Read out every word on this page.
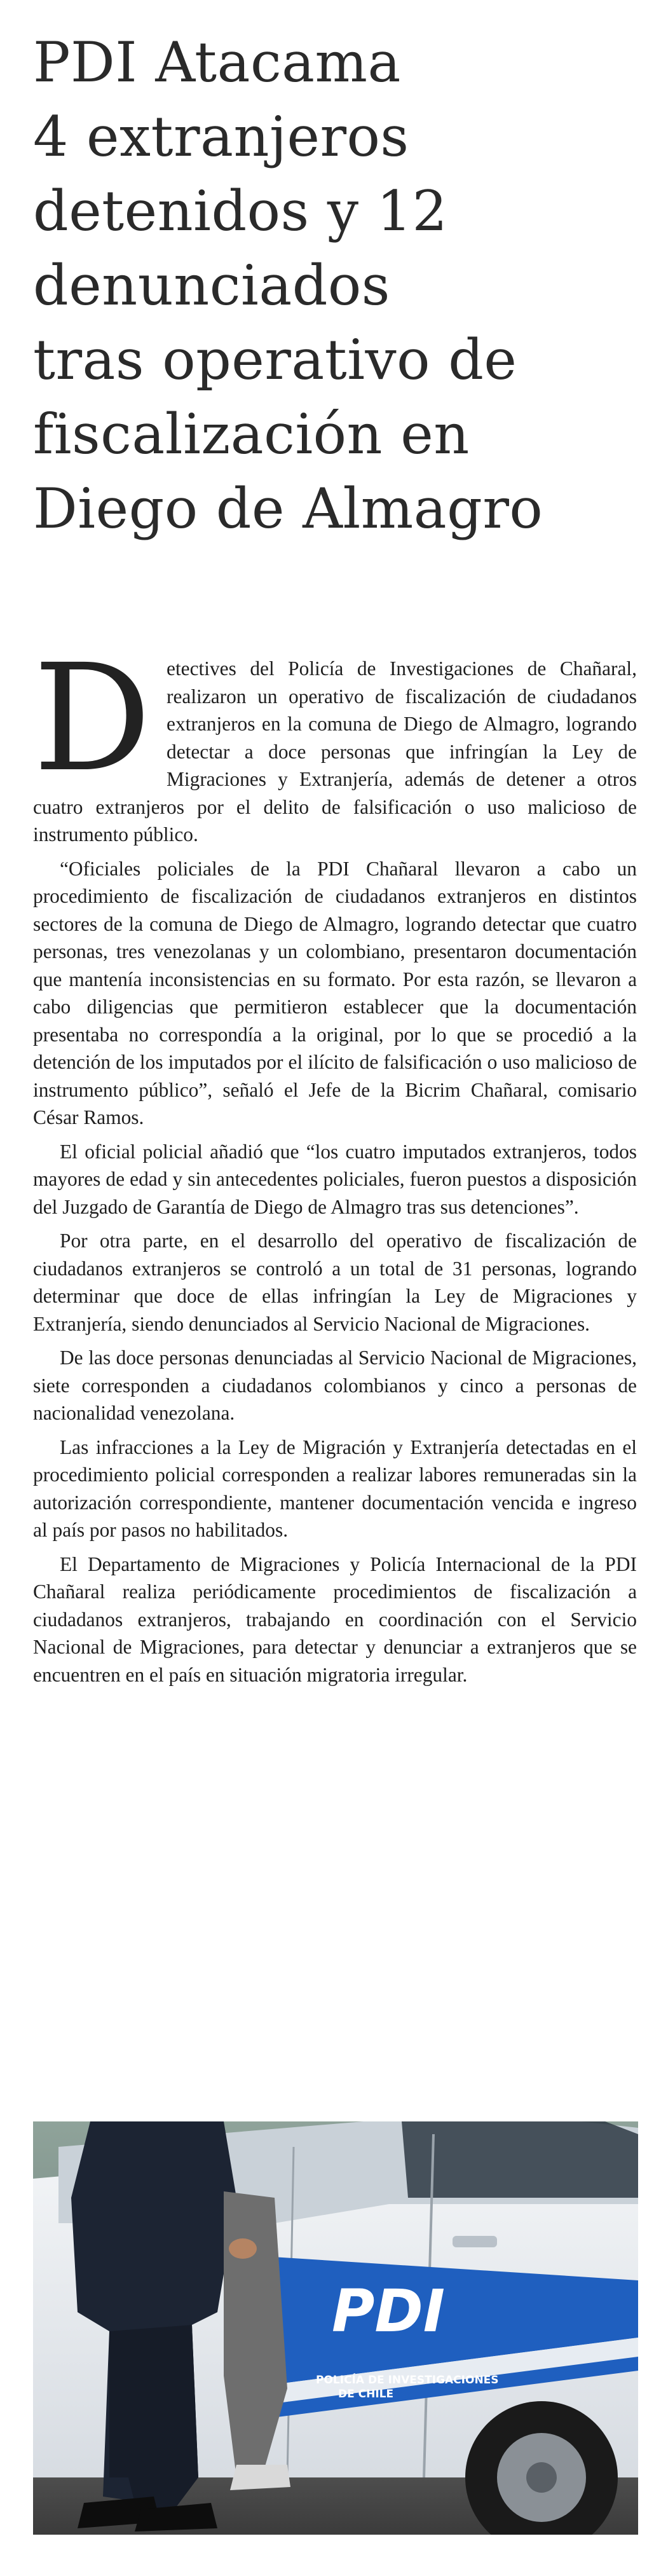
PDI Atacama
4 extranjeros
detenidos y 12
denunciados
tras operativo de
fiscalización en
Diego de Almagro
D etectives del Policía de Investigaciones de Chañaral, realizaron un operativo de fiscalización de ciudadanos extranjeros en la comuna de Diego de Almagro, logrando detectar a doce personas que infringían la Ley de Migraciones y Extranjería, además de detener a otros cuatro extranjeros por el delito de falsificación o uso malicioso de instrumento público.

“Oficiales policiales de la PDI Chañaral llevaron a cabo un procedimiento de fiscalización de ciudadanos extranjeros en distintos sectores de la comuna de Diego de Almagro, logrando detectar que cuatro personas, tres venezolanas y un colombiano, presentaron documentación que mantenía inconsistencias en su formato. Por esta razón, se llevaron a cabo diligencias que permitieron establecer que la documentación presentaba no correspondía a la original, por lo que se procedió a la detención de los imputados por el ilícito de falsificación o uso malicioso de instrumento público”, señaló el Jefe de la Bicrim Chañaral, comisario César Ramos.

El oficial policial añadió que “los cuatro imputados extranjeros, todos mayores de edad y sin antecedentes policiales, fueron puestos a disposición del Juzgado de Garantía de Diego de Almagro tras sus detenciones”.

Por otra parte, en el desarrollo del operativo de fiscalización de ciudadanos extranjeros se controló a un total de 31 personas, logrando determinar que doce de ellas infringían la Ley de Migraciones y Extranjería, siendo denunciados al Servicio Nacional de Migraciones.

De las doce personas denunciadas al Servicio Nacional de Migraciones, siete corresponden a ciudadanos colombianos y cinco a personas de nacionalidad venezolana.

Las infracciones a la Ley de Migración y Extranjería detectadas en el procedimiento policial corresponden a realizar labores remuneradas sin la autorización correspondiente, mantener documentación vencida e ingreso al país por pasos no habilitados.

El Departamento de Migraciones y Policía Internacional de la PDI Chañaral realiza periódicamente procedimientos de fiscalización a ciudadanos extranjeros, trabajando en coordinación con el Servicio Nacional de Migraciones, para detectar y denunciar a extranjeros que se encuentren en el país en situación migratoria irregular.

PDI
POLICÍA DE INVESTIGACIONES
DE CHILE
